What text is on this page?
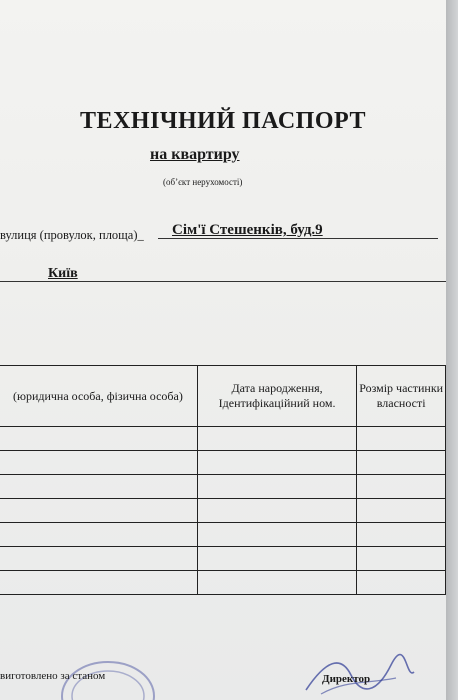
ТЕХНІЧНИЙ ПАСПОРТ
на квартиру
(об’єкт нерухомості)
вулиця (провулок, площа)_ Сім'ї Стешенків, буд.9
Київ
(юридична особа, фізична особа)	Дата народження, Ідентифікаційний ном.	Розмір частинки власності

виготовлено за станом	Директор
